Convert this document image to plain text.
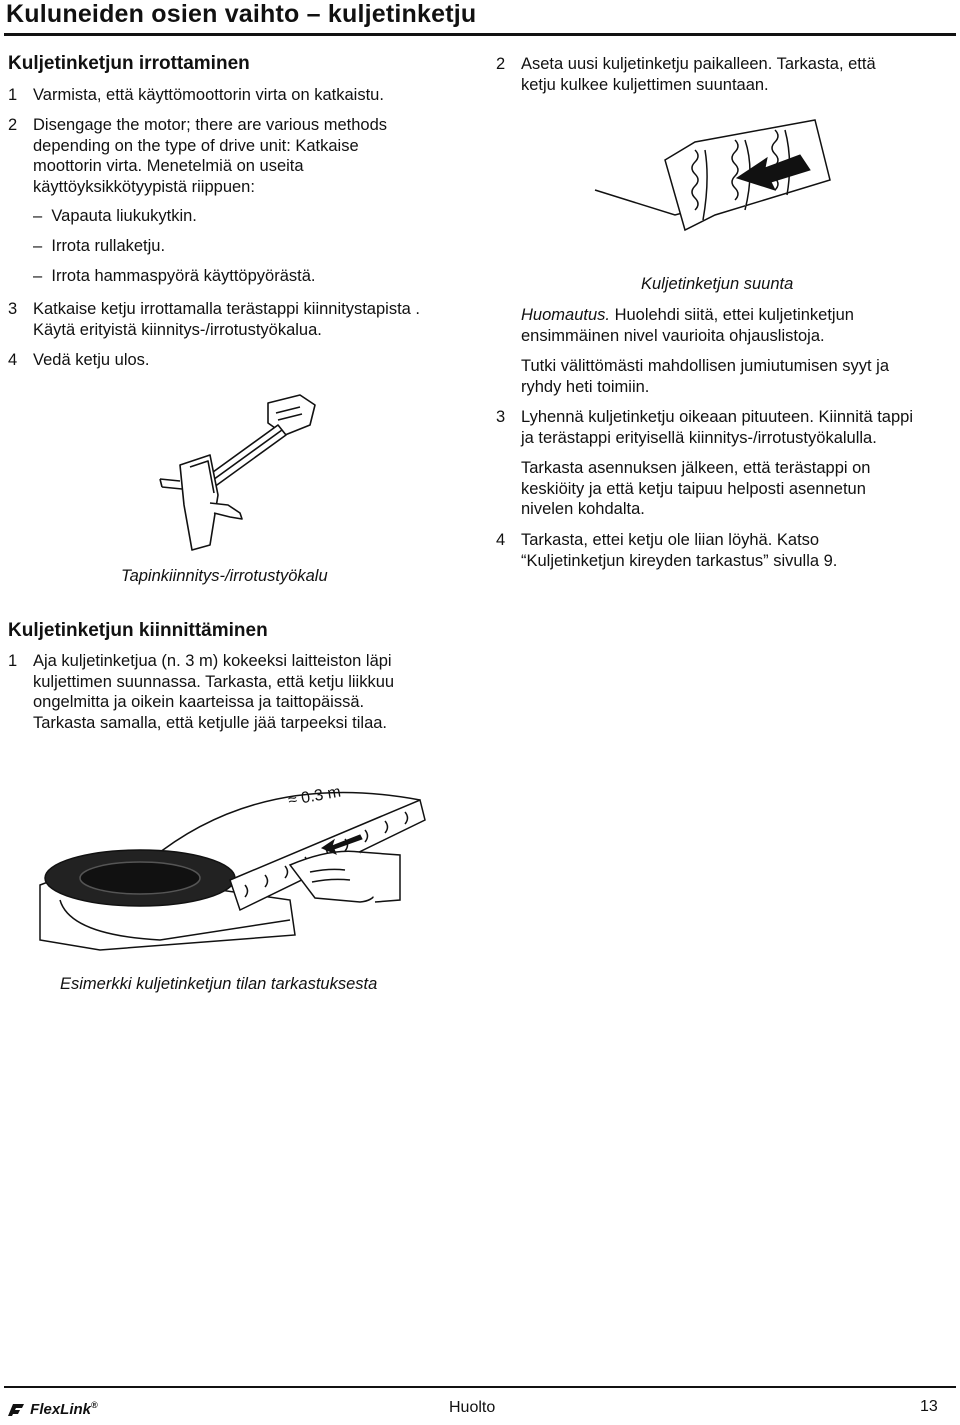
Kuluneiden osien vaihto – kuljetinketju
Kuljetinketjun irrottaminen
1 Varmista, että käyttömoottorin virta on katkaistu.
2 Disengage the motor; there are various methods
depending on the type of drive unit: Katkaise
moottorin virta. Menetelmiä on useita
käyttöyksikkötyypistä riippuen:
–  Vapauta liukukytkin.
–  Irrota rullaketju.
–  Irrota hammaspyörä käyttöpyörästä.
3 Katkaise ketju irrottamalla terästappi kiinnitystapista .
Käytä erityistä kiinnitys-/irrotustyökalua.
4 Vedä ketju ulos.
Tapinkiinnitys-/irrotustyökalu
2 Aseta uusi kuljetinketju paikalleen. Tarkasta, että
ketju kulkee kuljettimen suuntaan.
Kuljetinketjun suunta
Huomautus. Huolehdi siitä, ettei kuljetinketjun
ensimmäinen nivel vaurioita ohjauslistoja.
Tutki välittömästi mahdollisen jumiutumisen syyt ja
ryhdy heti toimiin.
3 Lyhennä kuljetinketju oikeaan pituuteen. Kiinnitä tappi
ja terästappi erityisellä kiinnitys-/irrotustyökalulla.
Tarkasta asennuksen jälkeen, että terästappi on
keskiöity ja että ketju taipuu helposti asennetun
nivelen kohdalta.
4 Tarkasta, ettei ketju ole liian löyhä. Katso
“Kuljetinketjun kireyden tarkastus” sivulla 9.
Kuljetinketjun kiinnittäminen
1 Aja kuljetinketjua (n. 3 m) kokeeksi laitteiston läpi
kuljettimen suunnassa. Tarkasta, että ketju liikkuu
ongelmitta ja oikein kaarteissa ja taittopäissä.
Tarkasta samalla, että ketjulle jää tarpeeksi tilaa.
≈ 0.3 m
Esimerkki kuljetinketjun tilan tarkastuksesta
FlexLink®	Huolto	13
